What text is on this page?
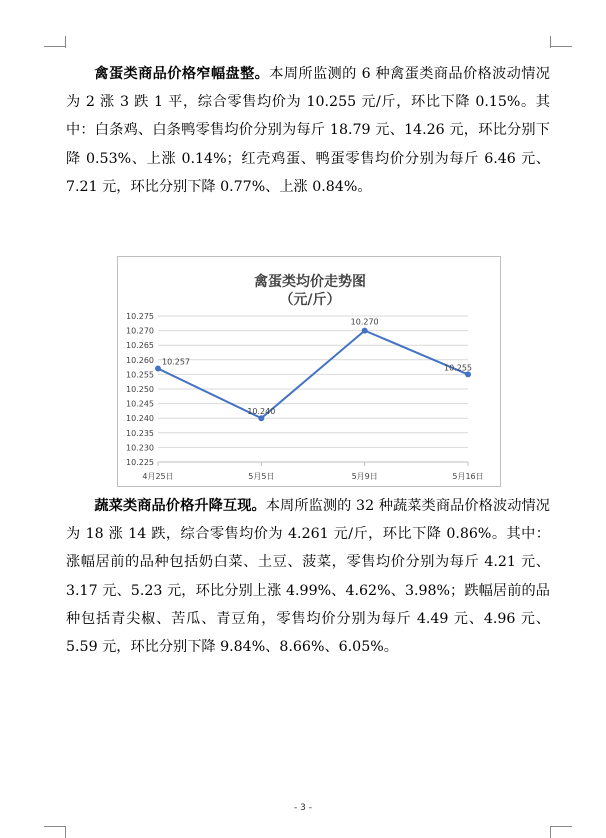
禽蛋类商品价格窄幅盘整。本周所监测的 6 种禽蛋类商品价格波动情况为 2 涨 3 跌 1 平，综合零售均价为 10.255 元/斤，环比下降 0.15%。其中：白条鸡、白条鸭零售均价分别为每斤 18.79 元、14.26 元，环比分别下降 0.53%、上涨 0.14%；红壳鸡蛋、鸭蛋零售均价分别为每斤 6.46 元、7.21 元，环比分别下降 0.77%、上涨 0.84%。
禽蛋类均价走势图
（元/斤）
10.225
10.230
10.235
10.240
10.245
10.250
10.255
10.260
10.265
10.270
10.275
4月25日	5月5日	5月9日	5月16日
10.257
10.240
10.270
10.255
蔬菜类商品价格升降互现。本周所监测的 32 种蔬菜类商品价格波动情况为 18 涨 14 跌，综合零售均价为 4.261 元/斤，环比下降 0.86%。其中：涨幅居前的品种包括奶白菜、土豆、菠菜，零售均价分别为每斤 4.21 元、3.17 元、5.23 元，环比分别上涨 4.99%、4.62%、3.98%；跌幅居前的品种包括青尖椒、苦瓜、青豆角，零售均价分别为每斤 4.49 元、4.96 元、5.59 元，环比分别下降 9.84%、8.66%、6.05%。
- 3 -
